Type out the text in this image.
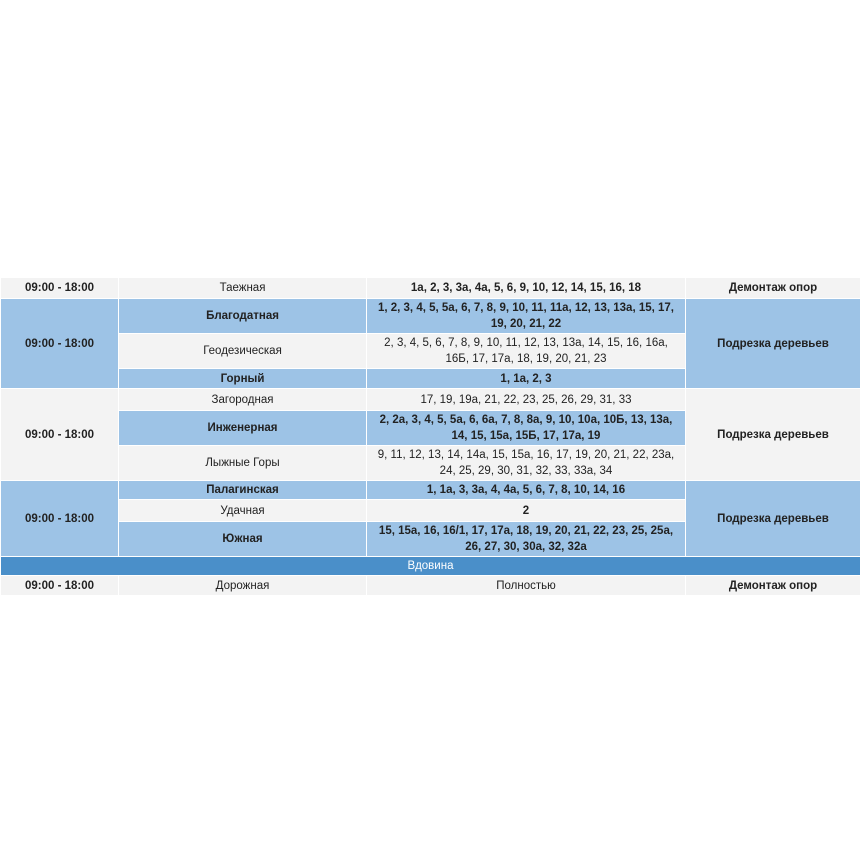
09:00 - 18:00	Таежная	1а, 2, 3, 3а, 4а, 5, 6, 9, 10, 12, 14, 15, 16, 18	Демонтаж опор
09:00 - 18:00	Благодатная	1, 2, 3, 4, 5, 5а, 6, 7, 8, 9, 10, 11, 11а, 12, 13, 13а, 15, 17, 19, 20, 21, 22	Подрезка деревьев
	Геодезическая	2, 3, 4, 5, 6, 7, 8, 9, 10, 11, 12, 13, 13а, 14, 15, 16, 16а, 16Б, 17, 17а, 18, 19, 20, 21, 23	
	Горный	1, 1а, 2, 3	
09:00 - 18:00	Загородная	17, 19, 19а, 21, 22, 23, 25, 26, 29, 31, 33	Подрезка деревьев
	Инженерная	2, 2а, 3, 4, 5, 5а, 6, 6а, 7, 8, 8а, 9, 10, 10а, 10Б, 13, 13а, 14, 15, 15а, 15Б, 17, 17а, 19	
	Лыжные Горы	9, 11, 12, 13, 14, 14а, 15, 15а, 16, 17, 19, 20, 21, 22, 23а, 24, 25, 29, 30, 31, 32, 33, 33а, 34	
09:00 - 18:00	Палагинская	1, 1а, 3, 3а, 4, 4а, 5, 6, 7, 8, 10, 14, 16	Подрезка деревьев
	Удачная	2	
	Южная	15, 15а, 16, 16/1, 17, 17а, 18, 19, 20, 21, 22, 23, 25, 25а, 26, 27, 30, 30а, 32, 32а	
Вдовина			
09:00 - 18:00	Дорожная	Полностью	Демонтаж опор
